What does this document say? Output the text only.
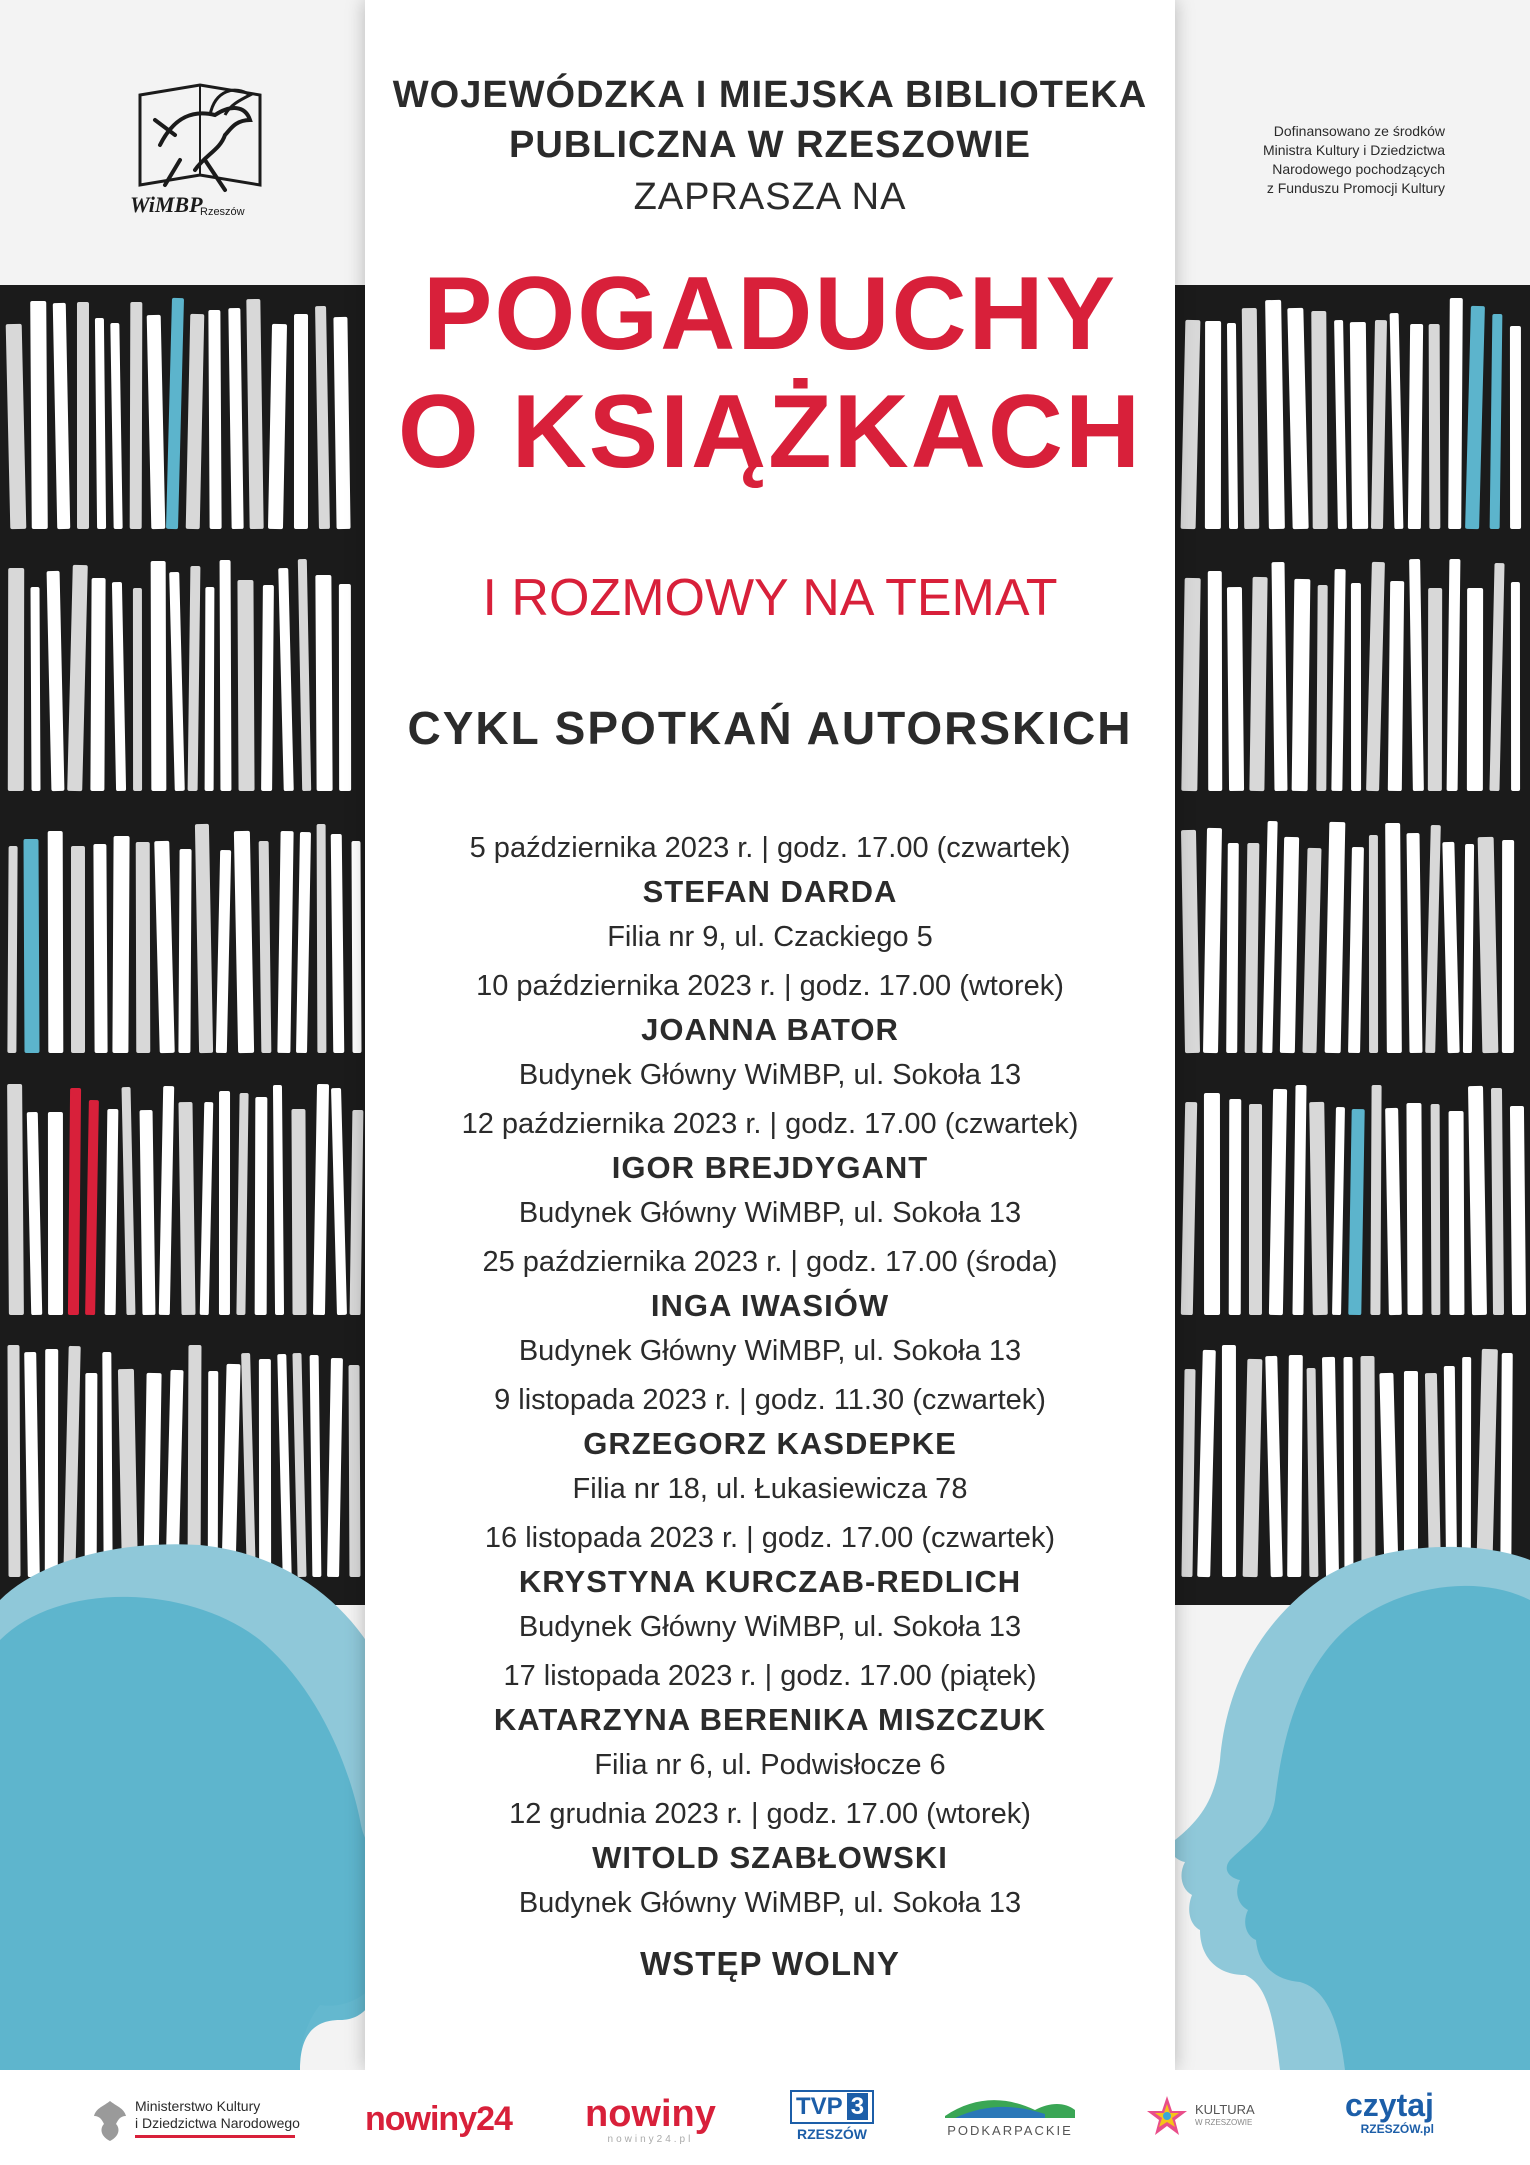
WiMBP
Rzeszów
Dofinansowano ze środków
Ministra Kultury i Dziedzictwa
Narodowego pochodzących
z Funduszu Promocji Kultury
WOJEWÓDZKA I MIEJSKA BIBLIOTEKA
PUBLICZNA W RZESZOWIE
ZAPRASZA NA
POGADUCHY
O KSIĄŻKACH
I ROZMOWY NA TEMAT
CYKL SPOTKAŃ AUTORSKICH
5 października 2023 r. | godz. 17.00 (czwartek)
STEFAN DARDA
Filia nr 9, ul. Czackiego 5
10 października 2023 r. | godz. 17.00 (wtorek)
JOANNA BATOR
Budynek Główny WiMBP, ul. Sokoła 13
12 października 2023 r. | godz. 17.00 (czwartek)
IGOR BREJDYGANT
Budynek Główny WiMBP, ul. Sokoła 13
25 października 2023 r. | godz. 17.00 (środa)
INGA IWASIÓW
Budynek Główny WiMBP, ul. Sokoła 13
9 listopada 2023 r. | godz. 11.30 (czwartek)
GRZEGORZ KASDEPKE
Filia nr 18, ul. Łukasiewicza 78
16 listopada 2023 r. | godz. 17.00 (czwartek)
KRYSTYNA KURCZAB-REDLICH
Budynek Główny WiMBP, ul. Sokoła 13
17 listopada 2023 r. | godz. 17.00 (piątek)
KATARZYNA BERENIKA MISZCZUK
Filia nr 6, ul. Podwisłocze 6
12 grudnia 2023 r. | godz. 17.00 (wtorek)
WITOLD SZABŁOWSKI
Budynek Główny WiMBP, ul. Sokoła 13
WSTĘP WOLNY
Ministerstwo Kultury
i Dziedzictwa Narodowego nowiny24 nowiny
nowiny24.pl
TVP 3
RZESZÓW	PODKARPACKIE
KULTURA
W RZESZOWIE	czytaj
RZESZÓW.pl
